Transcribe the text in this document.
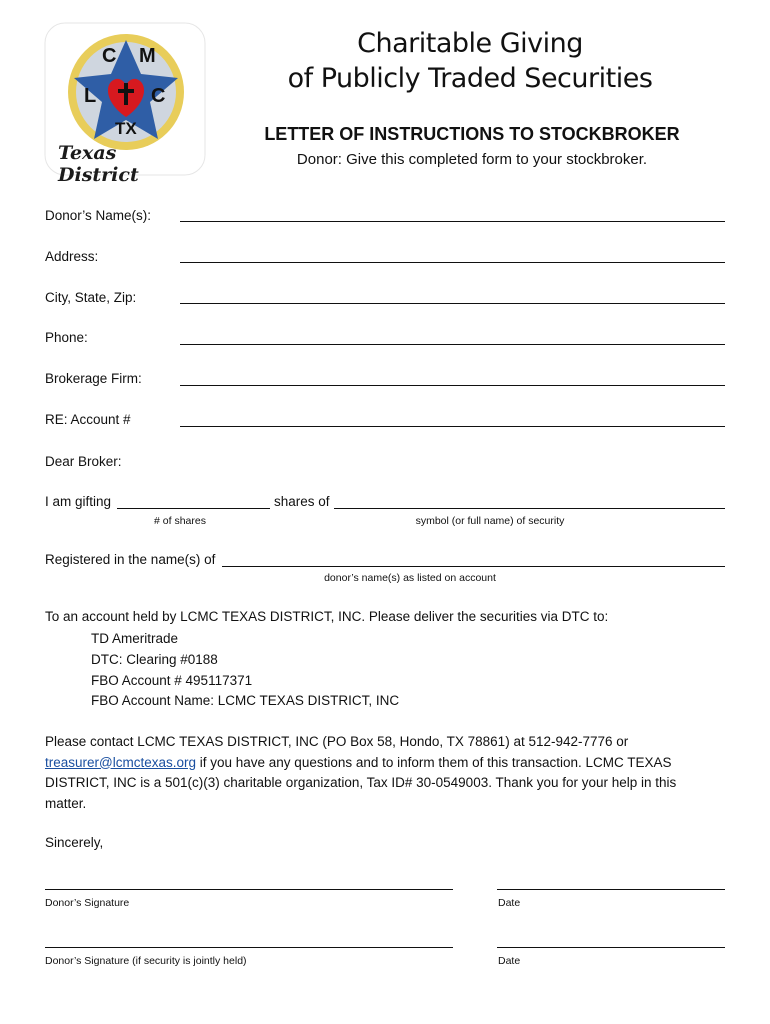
C M
L	C
TX
Texas District
Charitable Giving
of Publicly Traded Securities
LETTER OF INSTRUCTIONS TO STOCKBROKER
Donor: Give this completed form to your stockbroker.
Donor’s Name(s):
Address:
City, State, Zip:
Phone:
Brokerage Firm:
RE: Account #
Dear Broker:
I am gifting	shares of
# of shares	symbol (or full name) of security
Registered in the name(s) of
donor’s name(s) as listed on account
To an account held by LCMC TEXAS DISTRICT, INC. Please deliver the securities via DTC to:
TD Ameritrade
DTC: Clearing #0188
FBO Account # 495117371
FBO Account Name: LCMC TEXAS DISTRICT, INC
Please contact LCMC TEXAS DISTRICT, INC (PO Box 58, Hondo, TX 78861) at 512-942-7776 or
treasurer@lcmctexas.org if you have any questions and to inform them of this transaction. LCMC TEXAS DISTRICT, INC is a 501(c)(3) charitable organization, Tax ID# 30-0549003. Thank you for your help in this matter.
Sincerely,
Donor’s Signature	Date
Donor’s Signature (if security is jointly held)	Date
